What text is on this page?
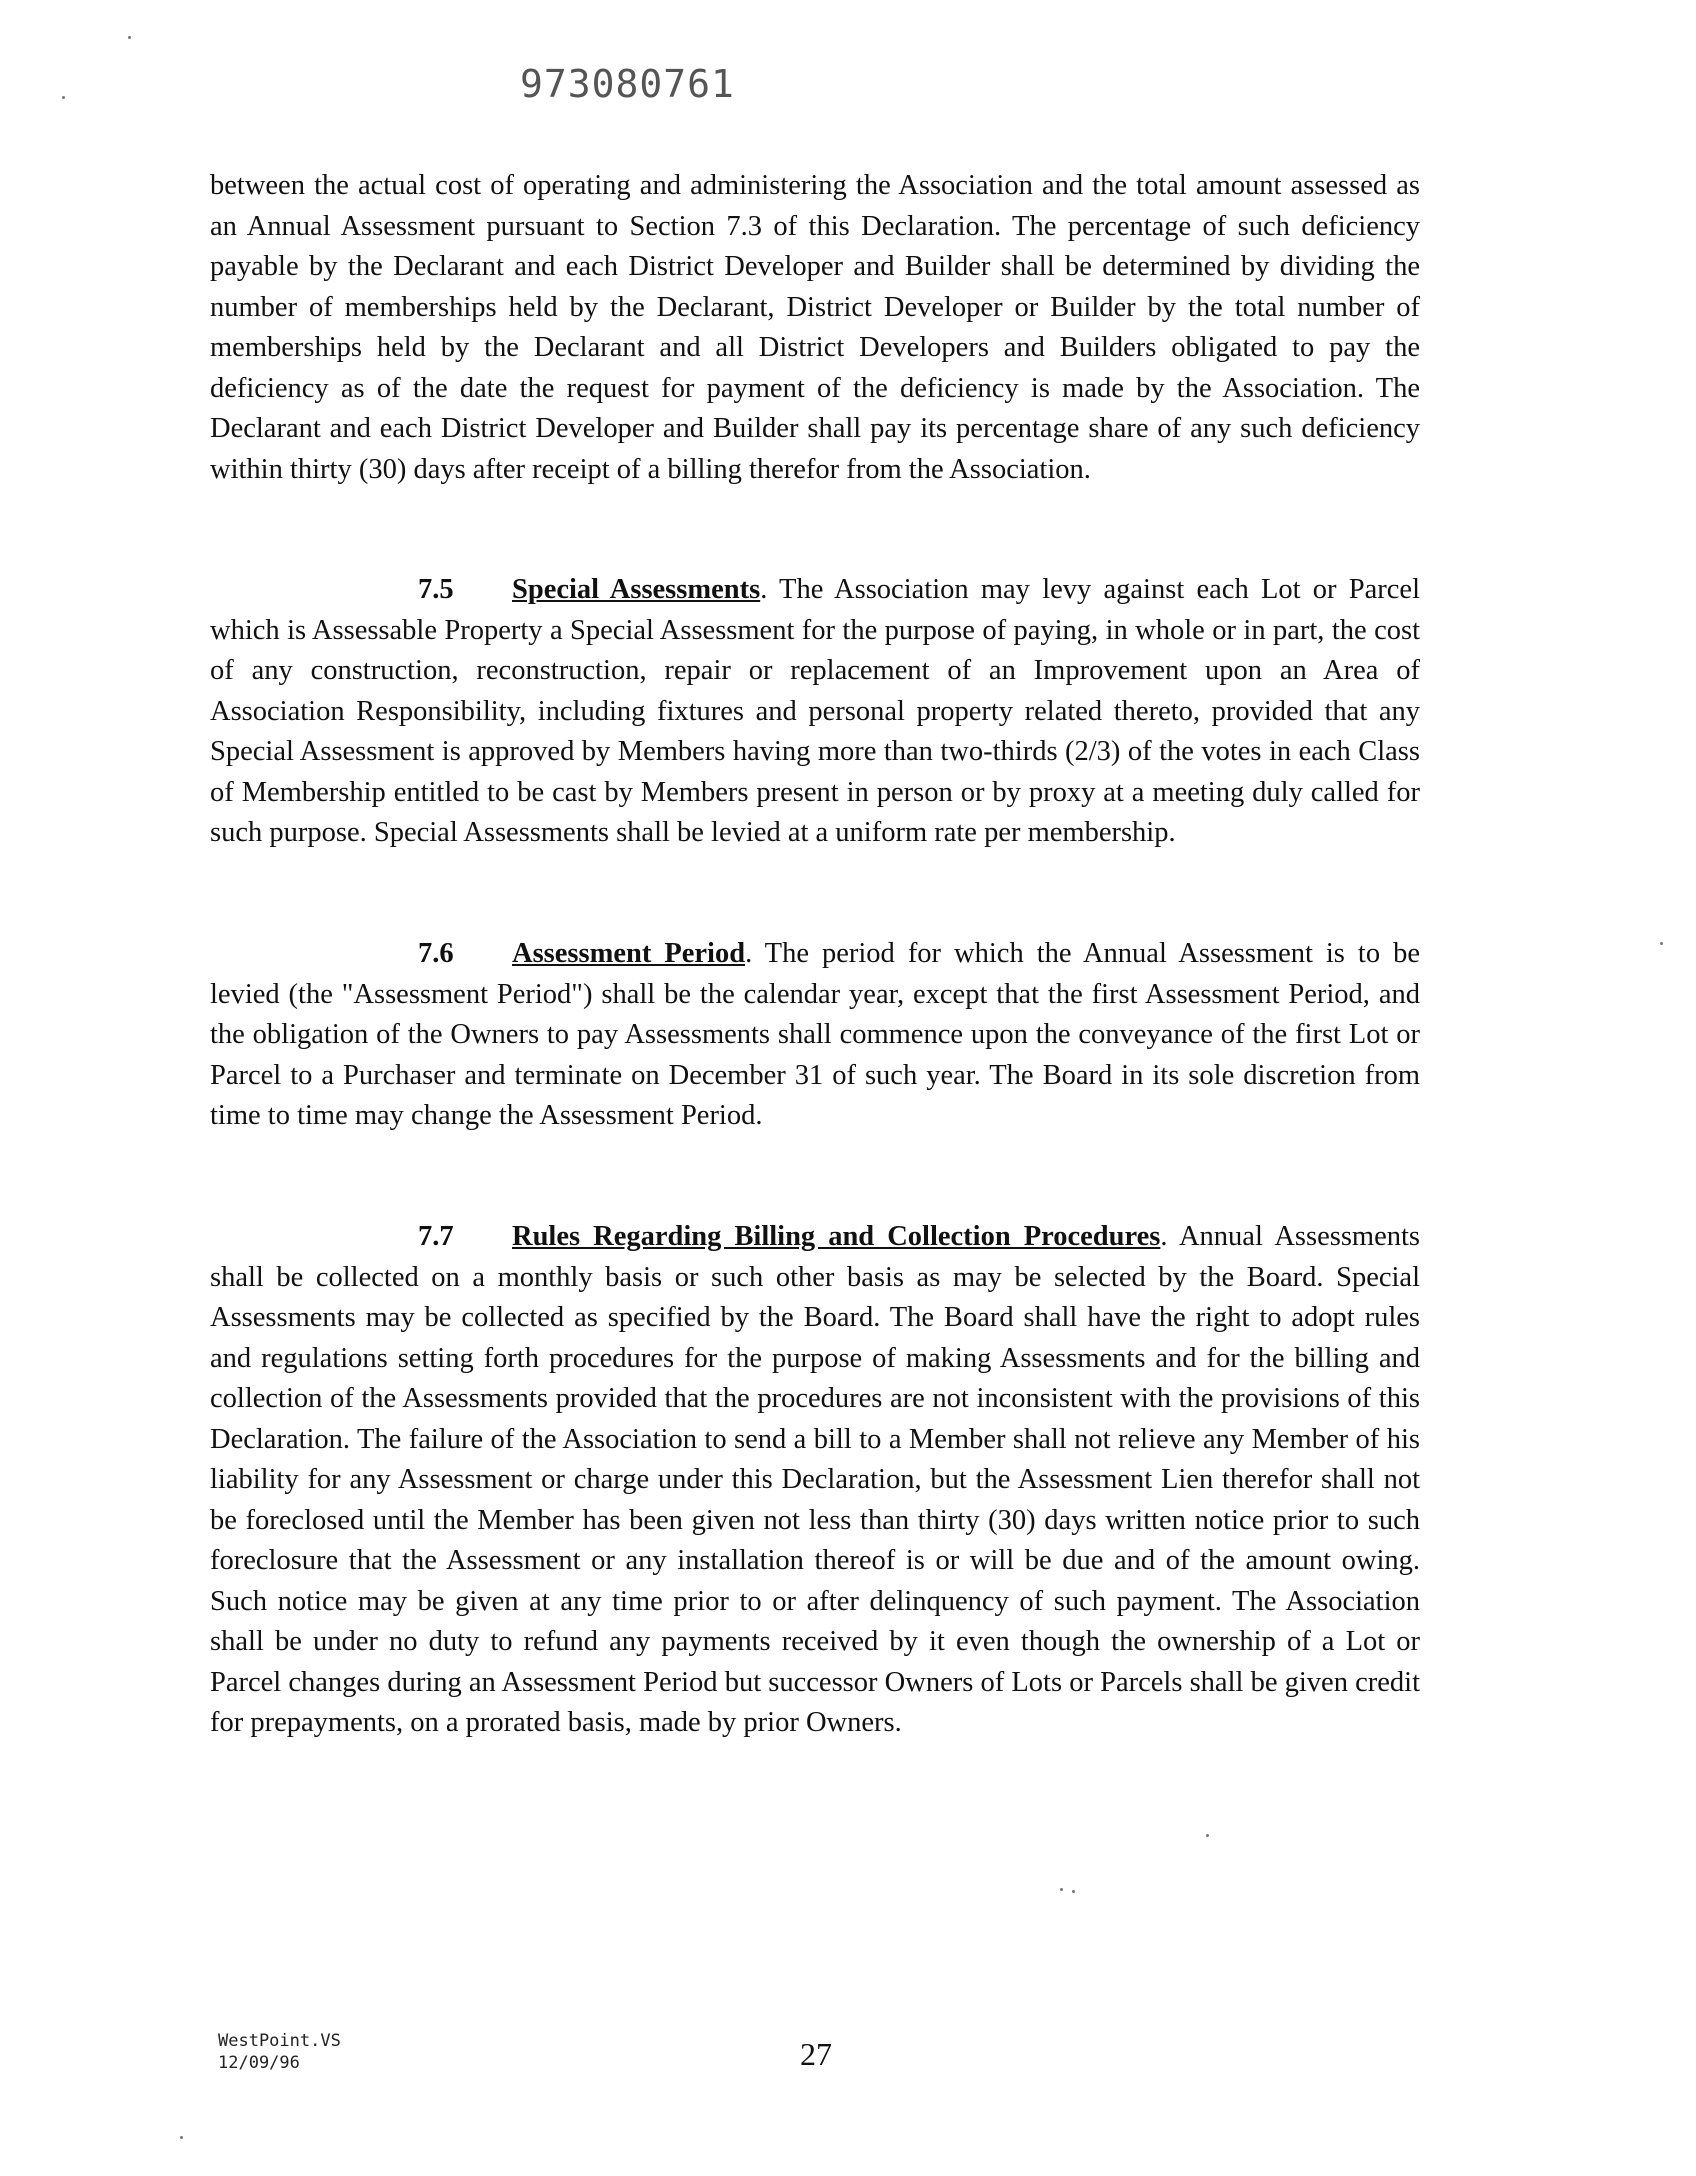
973080761

between the actual cost of operating and administering the Association and the total amount assessed as an Annual Assessment pursuant to Section 7.3 of this Declaration. The percentage of such deficiency payable by the Declarant and each District Developer and Builder shall be determined by dividing the number of memberships held by the Declarant, District Developer or Builder by the total number of memberships held by the Declarant and all District Developers and Builders obligated to pay the deficiency as of the date the request for payment of the deficiency is made by the Association. The Declarant and each District Developer and Builder shall pay its percentage share of any such deficiency within thirty (30) days after receipt of a billing therefor from the Association.

7.5 Special Assessments. The Association may levy against each Lot or Parcel which is Assessable Property a Special Assessment for the purpose of paying, in whole or in part, the cost of any construction, reconstruction, repair or replacement of an Improvement upon an Area of Association Responsibility, including fixtures and personal property related thereto, provided that any Special Assessment is approved by Members having more than two-thirds (2/3) of the votes in each Class of Membership entitled to be cast by Members present in person or by proxy at a meeting duly called for such purpose. Special Assessments shall be levied at a uniform rate per membership.

7.6 Assessment Period. The period for which the Annual Assessment is to be levied (the "Assessment Period") shall be the calendar year, except that the first Assessment Period, and the obligation of the Owners to pay Assessments shall commence upon the conveyance of the first Lot or Parcel to a Purchaser and terminate on December 31 of such year. The Board in its sole discretion from time to time may change the Assessment Period.

7.7 Rules Regarding Billing and Collection Procedures. Annual Assessments shall be collected on a monthly basis or such other basis as may be selected by the Board. Special Assessments may be collected as specified by the Board. The Board shall have the right to adopt rules and regulations setting forth procedures for the purpose of making Assessments and for the billing and collection of the Assessments provided that the procedures are not inconsistent with the provisions of this Declaration. The failure of the Association to send a bill to a Member shall not relieve any Member of his liability for any Assessment or charge under this Declaration, but the Assessment Lien therefor shall not be foreclosed until the Member has been given not less than thirty (30) days written notice prior to such foreclosure that the Assessment or any installation thereof is or will be due and of the amount owing. Such notice may be given at any time prior to or after delinquency of such payment. The Association shall be under no duty to refund any payments received by it even though the ownership of a Lot or Parcel changes during an Assessment Period but successor Owners of Lots or Parcels shall be given credit for prepayments, on a prorated basis, made by prior Owners.

WestPoint.VS
12/09/96	27
